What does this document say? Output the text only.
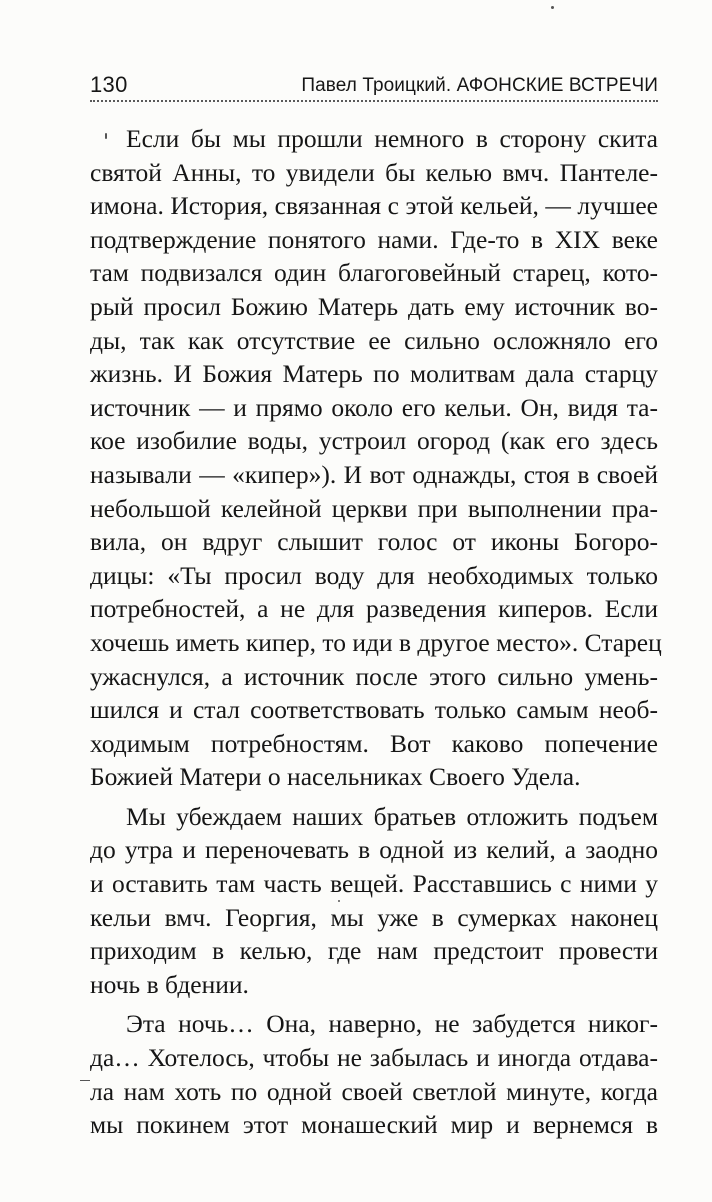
130	Павел Троицкий. АФОНСКИЕ ВСТРЕЧИ
Если бы мы прошли немного в сторону скита
святой Анны, то увидели бы келью вмч. Пантеле-
имона. История, связанная с этой кельей, — лучшее
подтверждение понятого нами. Где-то в XIX веке
там подвизался один благоговейный старец, кото-
рый просил Божию Матерь дать ему источник во-
ды, так как отсутствие ее сильно осложняло его
жизнь. И Божия Матерь по молитвам дала старцу
источник — и прямо около его кельи. Он, видя та-
кое изобилие воды, устроил огород (как его здесь
называли — «кипер»). И вот однажды, стоя в своей
небольшой келейной церкви при выполнении пра-
вила, он вдруг слышит голос от иконы Богоро-
дицы: «Ты просил воду для необходимых только
потребностей, а не для разведения киперов. Если
хочешь иметь кипер, то иди в другое место». Старец
ужаснулся, а источник после этого сильно умень-
шился и стал соответствовать только самым необ-
ходимым потребностям. Вот каково попечение
Божией Матери о насельниках Своего Удела.
Мы убеждаем наших братьев отложить подъем
до утра и переночевать в одной из келий, а заодно
и оставить там часть вещей. Расставшись с ними у
кельи вмч. Георгия, мы уже в сумерках наконец
приходим в келью, где нам предстоит провести
ночь в бдении.
Эта ночь… Она, наверно, не забудется никог-
да… Хотелось, чтобы не забылась и иногда отдава-
ла нам хоть по одной своей светлой минуте, когда
мы покинем этот монашеский мир и вернемся в
